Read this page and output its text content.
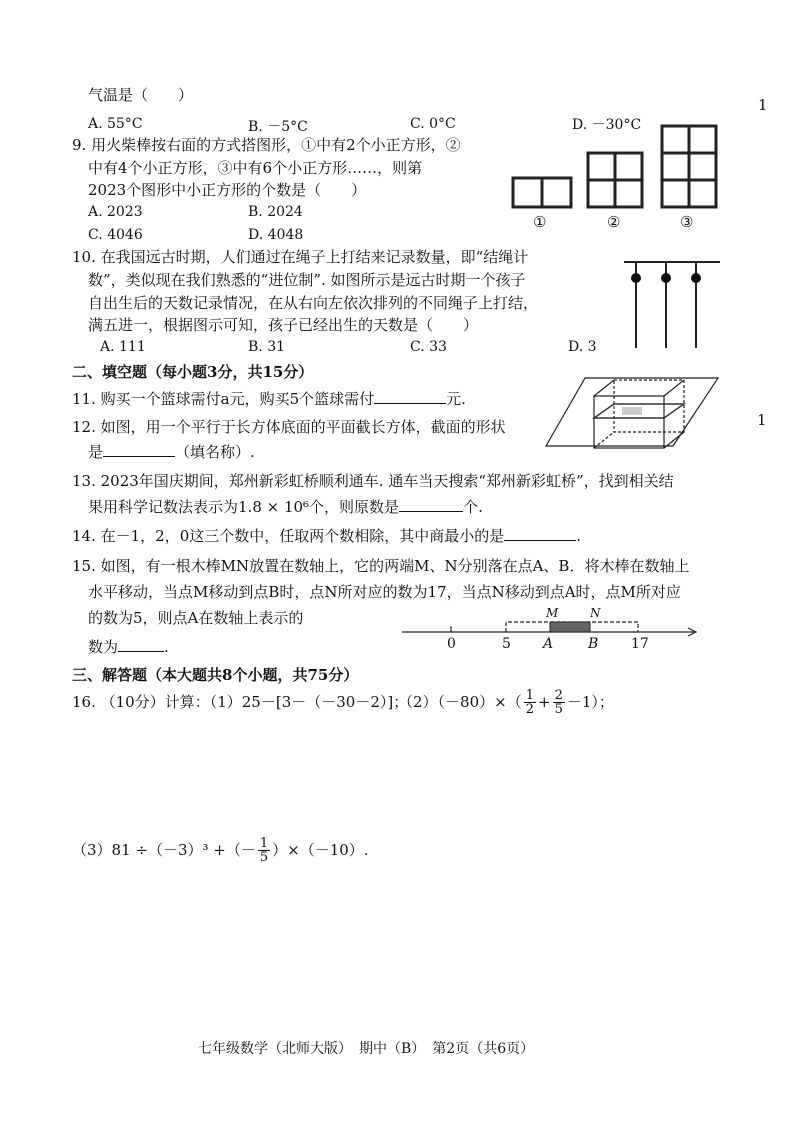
气温是（　　）
A. 55°C	B. －5°C	C. 0°C	D. －30°C
1
9. 用火柴棒按右面的方式搭图形，①中有2个小正方形，②
中有4个小正方形，③中有6个小正方形……，则第
2023个图形中小正方形的个数是（　　）
A. 2023	B. 2024
C. 4046	D. 4048
①	②	③
10. 在我国远古时期，人们通过在绳子上打结来记录数量，即“结绳计
数”，类似现在我们熟悉的“进位制”. 如图所示是远古时期一个孩子
自出生后的天数记录情况，在从右向左依次排列的不同绳子上打结，
满五进一，根据图示可知，孩子已经出生的天数是（　　）
A. 111	B. 31	C. 33	D. 3
二、填空题（每小题3分，共15分）
11. 购买一个篮球需付a元，购买5个篮球需付	元.
12. 如图，用一个平行于长方体底面的平面截长方体，截面的形状
是	（填名称）.
1
13. 2023年国庆期间，郑州新彩虹桥顺利通车. 通车当天搜索“郑州新彩虹桥”，找到相关结
果用科学记数法表示为1.8 × 10⁶个，则原数是	个.
14. 在－1，2，0这三个数中，任取两个数相除，其中商最小的是	.
15. 如图，有一根木棒MN放置在数轴上，它的两端M、N分别落在点A、B．将木棒在数轴上
水平移动，当点M移动到点B时，点N所对应的数为17，当点N移动到点A时，点M所对应
的数为5，则点A在数轴上表示的
数为	.	0	5 A B 17
M	N
三、解答题（本大题共8个小题，共75分）
16. （10分）计算：（1）25－[3－（－30－2）]；
$(2)(-80)\times( \frac{1}{2} + \frac{2}{5} -1)$；
（3）81 ÷（－3）³ +（－ $\frac{1}{5} )\times(-10)$.
七年级数学（北师大版）　期中（B）　第2页（共6页）
